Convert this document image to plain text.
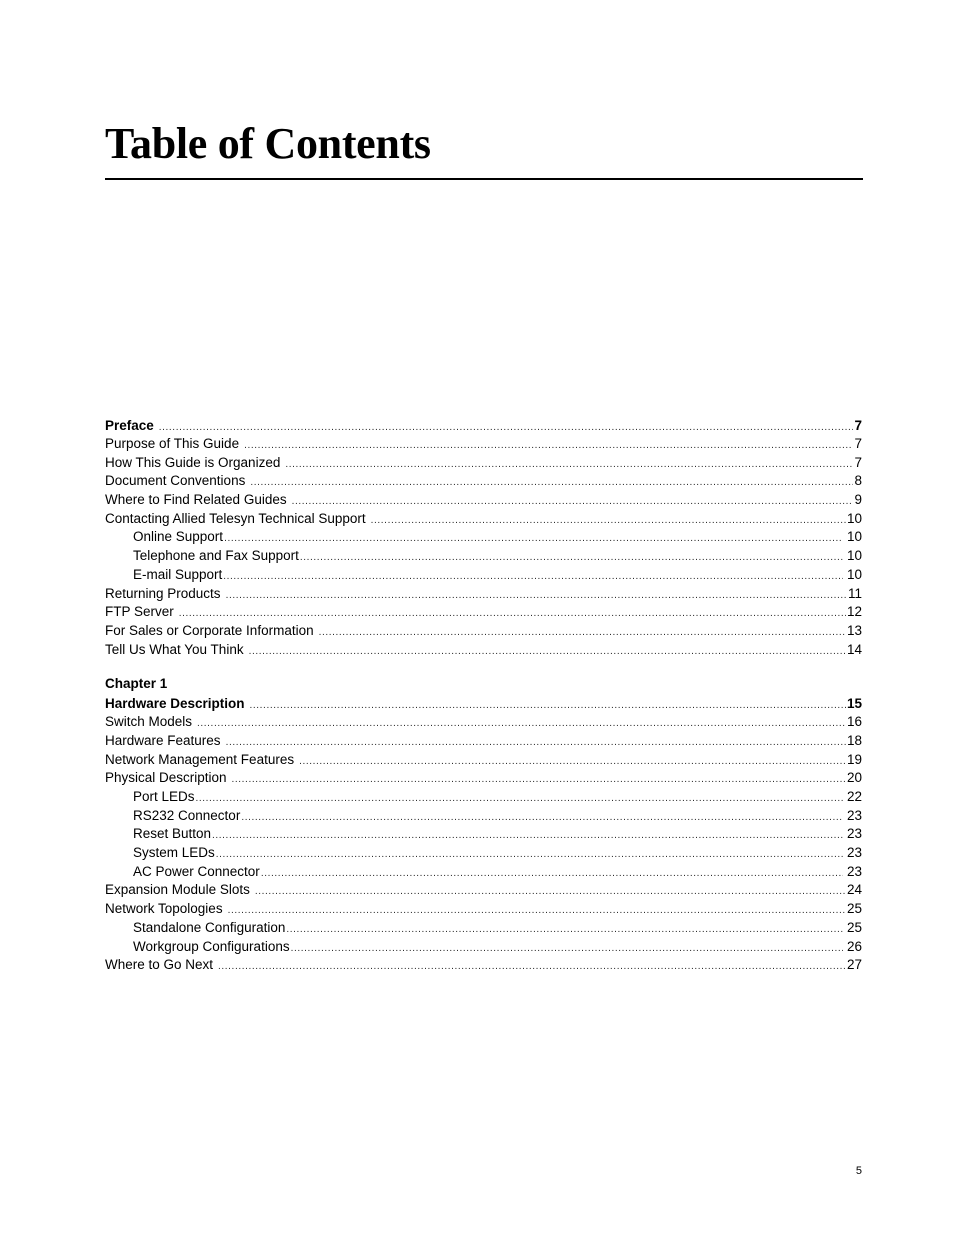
Table of Contents
Preface .....	7
Purpose of This Guide .....	7
How This Guide is Organized .....	7
Document Conventions .....	8
Where to Find Related Guides .....	9
Contacting Allied Telesyn Technical Support .....	10
Online Support .....	10
Telephone and Fax Support .....	10
E-mail Support .....	10
Returning Products .....	11
FTP Server .....	12
For Sales or Corporate Information .....	13
Tell Us What You Think .....	14
Chapter 1
Hardware Description .....	15
Switch Models .....	16
Hardware Features .....	18
Network Management Features .....	19
Physical Description .....	20
Port LEDs .....	22
RS232 Connector .....	23
Reset Button .....	23
System LEDs .....	23
AC Power Connector .....	23
Expansion Module Slots .....	24
Network Topologies .....	25
Standalone Configuration .....	25
Workgroup Configurations .....	26
Where to Go Next .....	27
5
